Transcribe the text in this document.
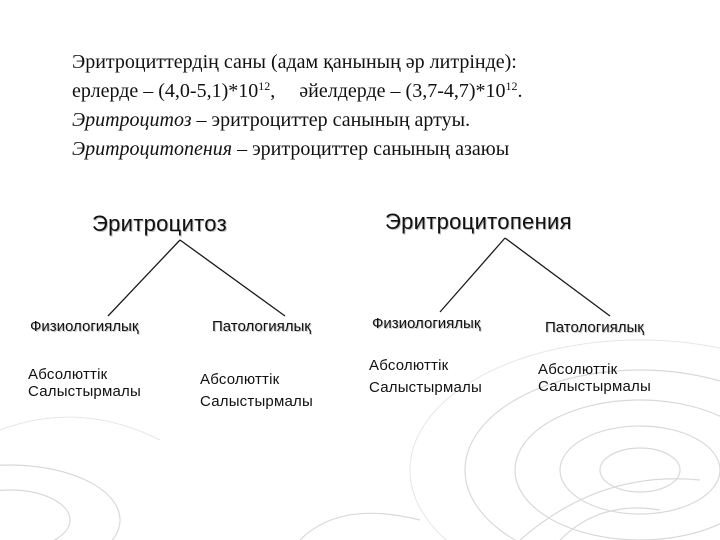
Эритроциттердің саны (адам қанының әр литрінде):
ерлерде – $(4,0-5,1)*10^{12}$, әйелдерде – $(3,7-4,7)*10^{12}$.
Эритроцитоз – эритроциттер санының артуы.
Эритроцитопения – эритроциттер санының азаюы
Эритроцитоз	Эритроцитопения
Физиологиялық	Патологиялық	Физиологиялық	Патологиялық
Абсолюттік
Салыстырмалы
Абсолюттік
Салыстырмалы
Абсолюттік
Салыстырмалы
Абсолюттік
Салыстырмалы
